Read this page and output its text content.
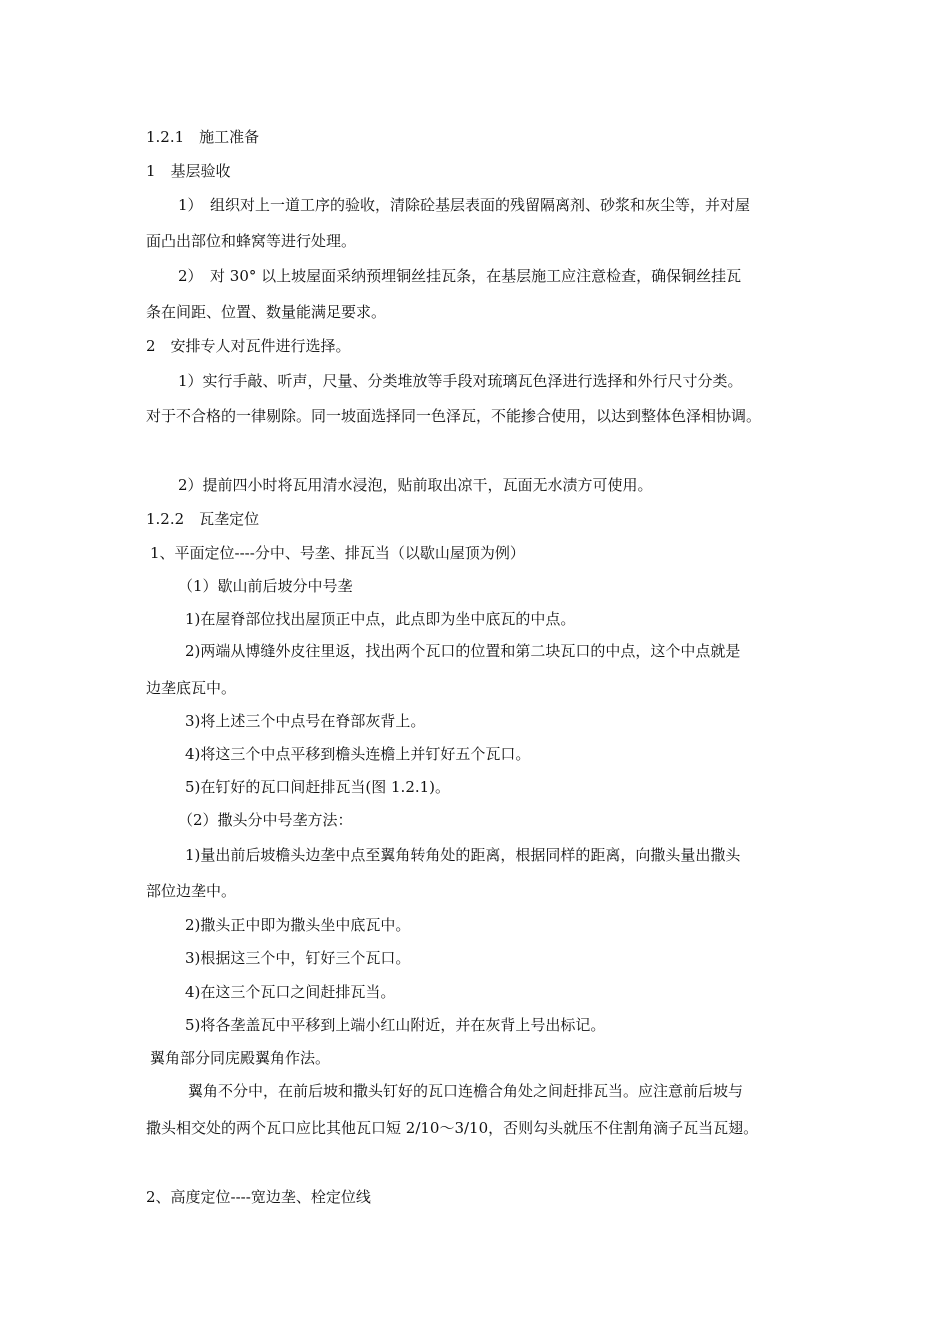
1.2.1　施工准备
1　基层验收
1）　组织对上一道工序的验收，清除砼基层表面的残留隔离剂、砂浆和灰尘等，并对屋
面凸出部位和蜂窝等进行处理。
2）　对 30° 以上坡屋面采纳预埋铜丝挂瓦条，在基层施工应注意检查，确保铜丝挂瓦
条在间距、位置、数量能满足要求。
2　安排专人对瓦件进行选择。
1）实行手敲、听声，尺量、分类堆放等手段对琉璃瓦色泽进行选择和外行尺寸分类。
对于不合格的一律剔除。同一坡面选择同一色泽瓦，不能掺合使用，以达到整体色泽相协调。
2）提前四小时将瓦用清水浸泡，贴前取出凉干，瓦面无水渍方可使用。
1.2.2　瓦垄定位
1、平面定位----分中、号垄、排瓦当（以歇山屋顶为例）
（1）歇山前后坡分中号垄
1)在屋脊部位找出屋顶正中点，此点即为坐中底瓦的中点。
2)两端从博缝外皮往里返，找出两个瓦口的位置和第二块瓦口的中点，这个中点就是
边垄底瓦中。
3)将上述三个中点号在脊部灰背上。
4)将这三个中点平移到檐头连檐上并钉好五个瓦口。
5)在钉好的瓦口间赶排瓦当(图 1.2.1)。
（2）撒头分中号垄方法：
1)量出前后坡檐头边垄中点至翼角转角处的距离，根据同样的距离，向撒头量出撒头
部位边垄中。
2)撒头正中即为撒头坐中底瓦中。
3)根据这三个中，钉好三个瓦口。
4)在这三个瓦口之间赶排瓦当。
5)将各垄盖瓦中平移到上端小红山附近，并在灰背上号出标记。
翼角部分同庑殿翼角作法。
翼角不分中，在前后坡和撒头钉好的瓦口连檐合角处之间赶排瓦当。应注意前后坡与
撒头相交处的两个瓦口应比其他瓦口短 2/10～3/10，否则勾头就压不住割角滴子瓦当瓦翅。
2、高度定位----宽边垄、栓定位线
